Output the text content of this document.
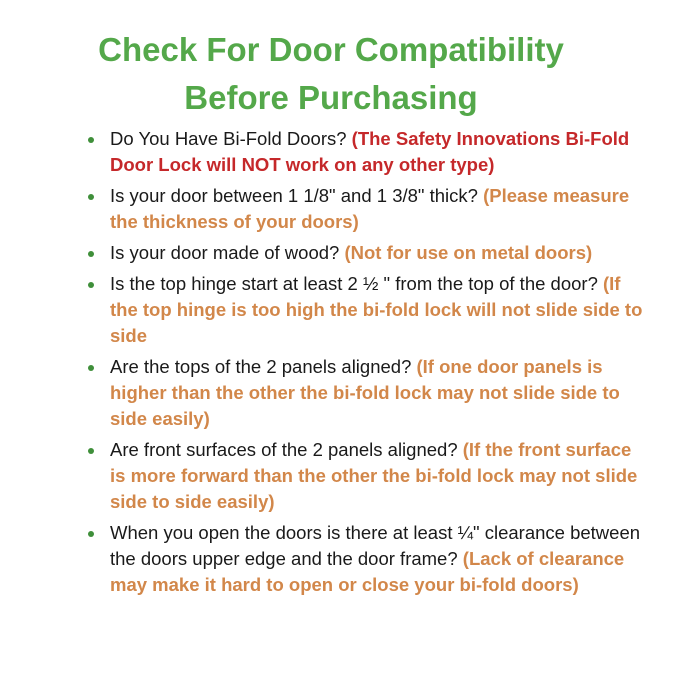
Check For Door Compatibility
Before Purchasing
Do You Have Bi-Fold Doors? (The Safety Innovations Bi-Fold Door Lock will NOT work on any other type)
Is your door between 1 1/8" and 1 3/8" thick? (Please measure the thickness of your doors)
Is your door made of wood? (Not for use on metal doors)
Is the top hinge start at least 2 ½ " from the top of the door? (If the top hinge is too high the bi-fold lock will not slide side to side
Are the tops of the 2 panels aligned? (If one door panels is higher than the other the bi-fold lock may not slide side to side easily)
Are front surfaces of the 2 panels aligned? (If the front surface is more forward than the other the bi-fold lock may not slide side to side easily)
When you open the doors is there at least ¼" clearance between the doors upper edge and the door frame? (Lack of clearance may make it hard to open or close your bi-fold doors)
